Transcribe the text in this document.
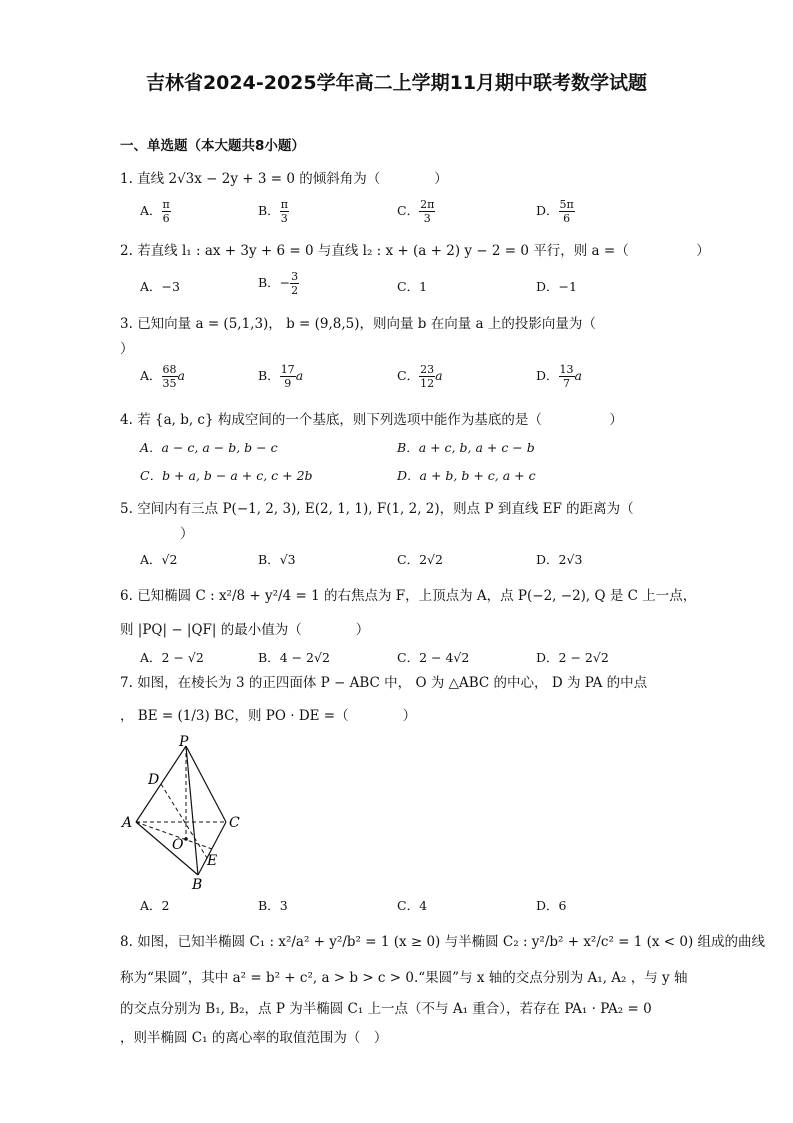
吉林省2024-2025学年高二上学期11月期中联考数学试题
一、单选题（本大题共8小题）
1. 直线 2√3x − 2y + 3 = 0 的倾斜角为（　　　　）
A． $\frac{\pi}{6}$	B． $\frac{\pi}{3}$	C． $\frac{2\pi}{3}$	D． $\frac{5\pi}{6}$
2. 若直线 l₁ : ax + 3y + 6 = 0 与直线 l₂ : x + (a + 2) y − 2 = 0 平行，则 a =（　　　　　）
A．−3	B．− $\frac{3}{2}$	C．1	D．−1
3. 已知向量 a = (5,1,3)， b = (9,8,5)，则向量 b 在向量 a 上的投影向量为（
）
A． $\frac{68}{35}$ a	B． $\frac{17}{9}$ a	C． $\frac{23}{12}$ a	D． $\frac{13}{7}$ a
4. 若 {a, b, c} 构成空间的一个基底，则下列选项中能作为基底的是（　　　　　）
A．a − c, a − b, b − c	B．a + c, b, a + c − b
C．b + a, b − a + c, c + 2b	D．a + b, b + c, a + c
5. 空间内有三点 P(−1, 2, 3), E(2, 1, 1), F(1, 2, 2)，则点 P 到直线 EF 的距离为（
）
A．√2	B．√3	C．2√2	D．2√3
6. 已知椭圆 C : x²/8 + y²/4 = 1 的右焦点为 F，上顶点为 A，点 P(−2, −2), Q 是 C 上一点，
则 |PQ| − |QF| 的最小值为（　　　　）
A．2 − √2	B．4 − 2√2	C．2 − 4√2	D．2 − 2√2
7. 如图，在棱长为 3 的正四面体 P − ABC 中， O 为 △ABC 的中心， D 为 PA 的中点
， BE = (1/3) BC，则 PO · DE =（　　　　）
P
A	C
B
D
E
O
A．2	B．3	C．4	D．6
8. 如图，已知半椭圆 C₁ : x²/a² + y²/b² = 1 (x ≥ 0) 与半椭圆 C₂ : y²/b² + x²/c² = 1 (x < 0) 组成的曲线
称为“果圆”，其中 a² = b² + c², a > b > c > 0.“果圆”与 x 轴的交点分别为 A₁, A₂ ，与 y 轴
的交点分别为 B₁, B₂，点 P 为半椭圆 C₁ 上一点（不与 A₁ 重合），若存在 PA₁ · PA₂ = 0
，则半椭圆 C₁ 的离心率的取值范围为（　）
